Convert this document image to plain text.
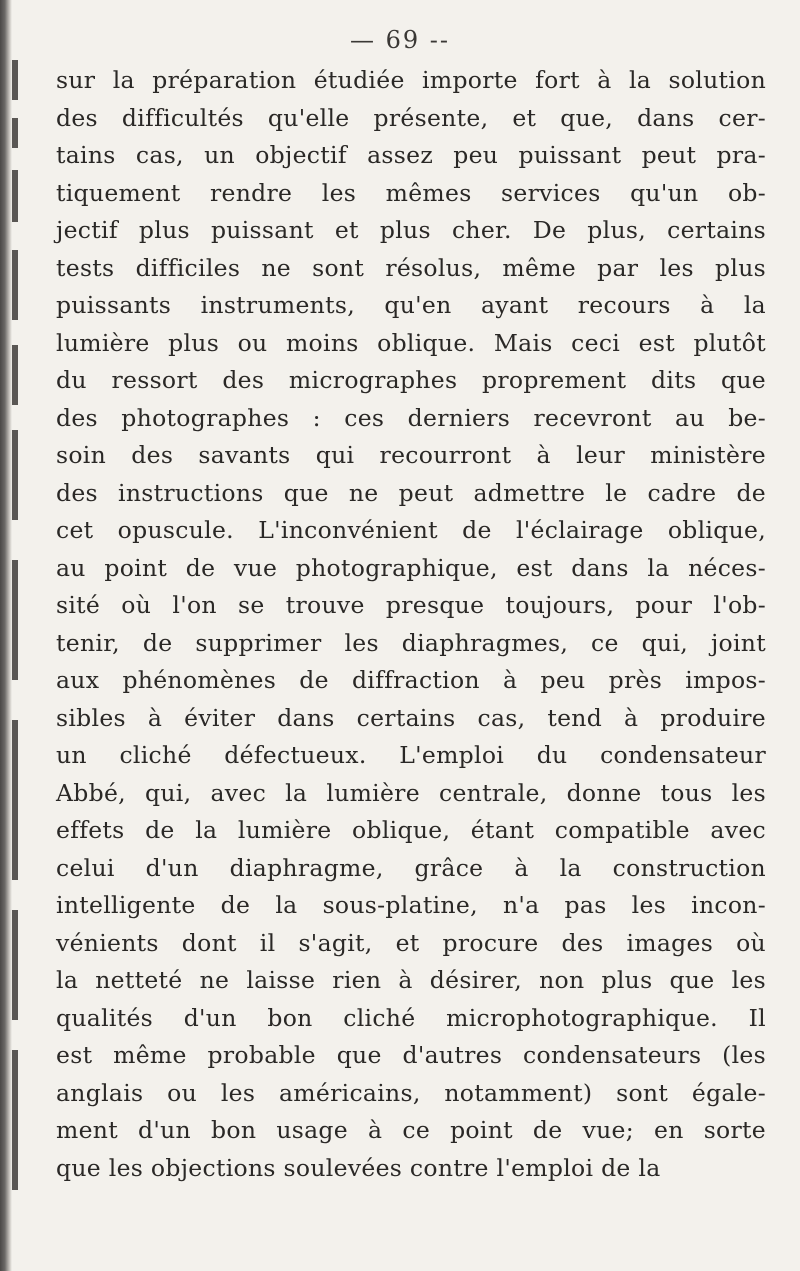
— 69 --
sur la préparation étudiée importe fort à la solution
des difficultés qu'elle présente, et que, dans cer-
tains cas, un objectif assez peu puissant peut pra-
tiquement rendre les mêmes services qu'un ob-
jectif plus puissant et plus cher. De plus, certains
tests difficiles ne sont résolus, même par les plus
puissants instruments, qu'en ayant recours à la
lumière plus ou moins oblique. Mais ceci est plutôt
du ressort des micrographes proprement dits que
des photographes : ces derniers recevront au be-
soin des savants qui recourront à leur ministère
des instructions que ne peut admettre le cadre de
cet opuscule. L'inconvénient de l'éclairage oblique,
au point de vue photographique, est dans la néces-
sité où l'on se trouve presque toujours, pour l'ob-
tenir, de supprimer les diaphragmes, ce qui, joint
aux phénomènes de diffraction à peu près impos-
sibles à éviter dans certains cas, tend à produire
un cliché défectueux. L'emploi du condensateur
Abbé, qui, avec la lumière centrale, donne tous les
effets de la lumière oblique, étant compatible avec
celui d'un diaphragme, grâce à la construction
intelligente de la sous-platine, n'a pas les incon-
vénients dont il s'agit, et procure des images où
la netteté ne laisse rien à désirer, non plus que les
qualités d'un bon cliché microphotographique. Il
est même probable que d'autres condensateurs (les
anglais ou les américains, notamment) sont égale-
ment d'un bon usage à ce point de vue; en sorte
que les objections soulevées contre l'emploi de la
